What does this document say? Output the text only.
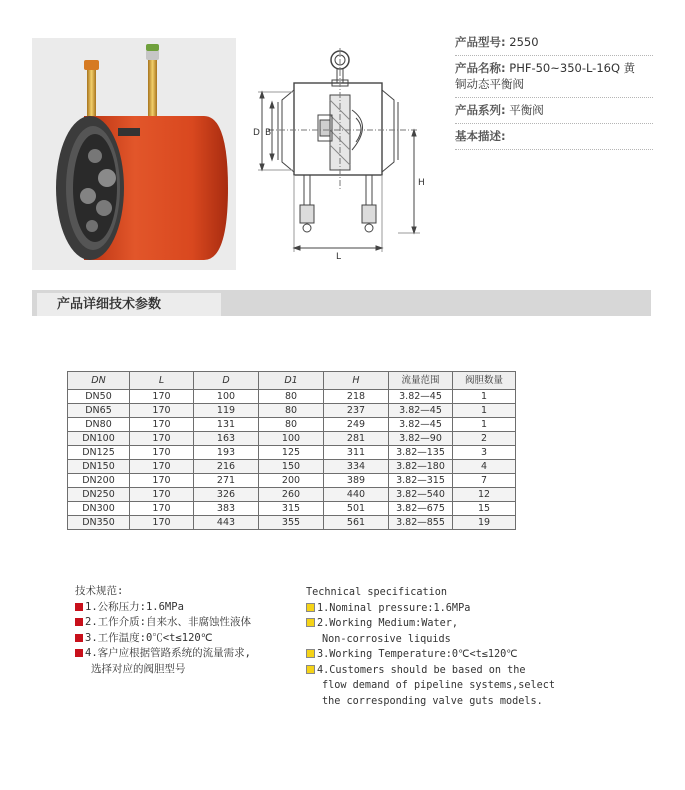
D B
H
L
产品型号: 2550
产品名称: PHF-50~350-L-16Q 黄
铜动态平衡阀
产品系列: 平衡阀
基本描述:
产品详细技术参数
DN	L	D	D1	H	流量范围	阀胆数量
DN50	170	100	80	218	3.82—45	1
DN65	170	119	80	237	3.82—45	1
DN80	170	131	80	249	3.82—45	1
DN100	170	163	100	281	3.82—90	2
DN125	170	193	125	311	3.82—135	3
DN150	170	216	150	334	3.82—180	4
DN200	170	271	200	389	3.82—315	7
DN250	170	326	260	440	3.82—540	12
DN300	170	383	315	501	3.82—675	15
DN350	170	443	355	561	3.82—855	19
技术规范:
1.公称压力:1.6MPa
2.工作介质:自来水、非腐蚀性液体
3.工作温度:0℃<t≤120℃
4.客户应根据管路系统的流量需求,
选择对应的阀胆型号
Technical specification
1.Nominal pressure:1.6MPa
2.Working Medium:Water,
Non-corrosive liquids
3.Working Temperature:0℃<t≤120℃
4.Customers should be based on the
flow demand of pipeline systems,select
the corresponding valve guts models.
